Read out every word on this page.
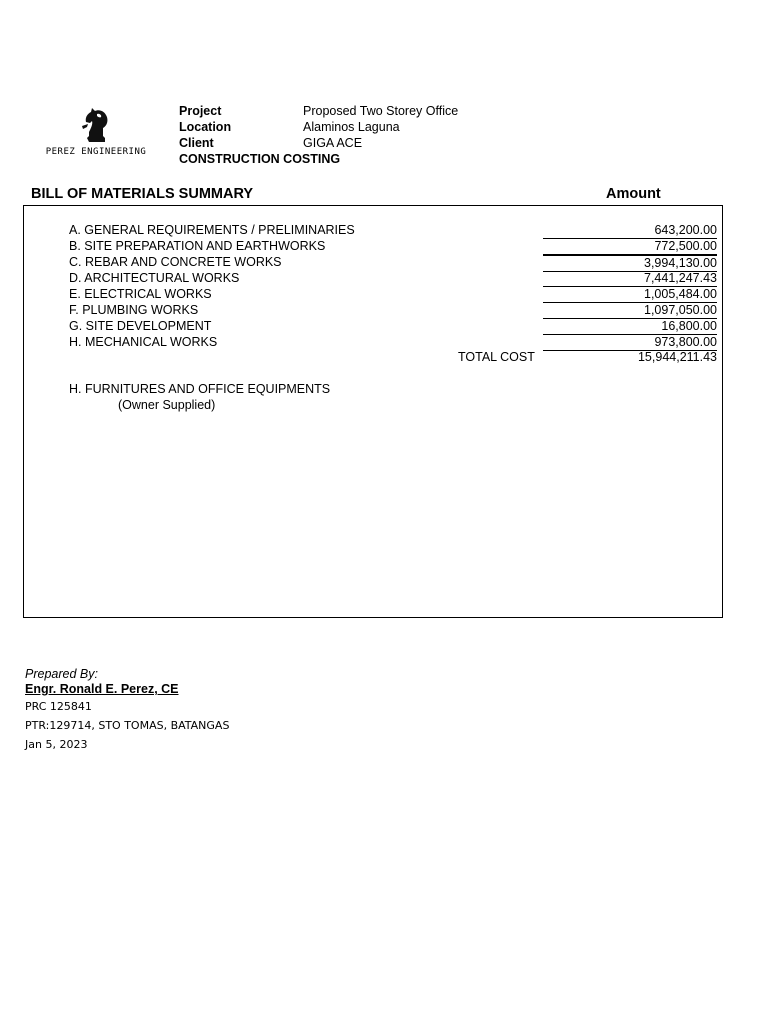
PEREZ ENGINEERING
Project	Proposed Two Storey Office
Location	Alaminos Laguna
Client	GIGA ACE
CONSTRUCTION COSTING
BILL OF MATERIALS SUMMARY	Amount
A. GENERAL REQUIREMENTS / PRELIMINARIES	643,200.00
B. SITE PREPARATION AND EARTHWORKS	772,500.00
C. REBAR AND CONCRETE WORKS	3,994,130.00
D. ARCHITECTURAL WORKS	7,441,247.43
E. ELECTRICAL WORKS	1,005,484.00
F. PLUMBING WORKS	1,097,050.00
G. SITE DEVELOPMENT	16,800.00
H. MECHANICAL WORKS	973,800.00
TOTAL COST	15,944,211.43
H. FURNITURES AND OFFICE EQUIPMENTS
(Owner Supplied)
Prepared By:
Engr. Ronald E. Perez, CE
PRC 125841
PTR:129714, STO TOMAS, BATANGAS
Jan 5, 2023
